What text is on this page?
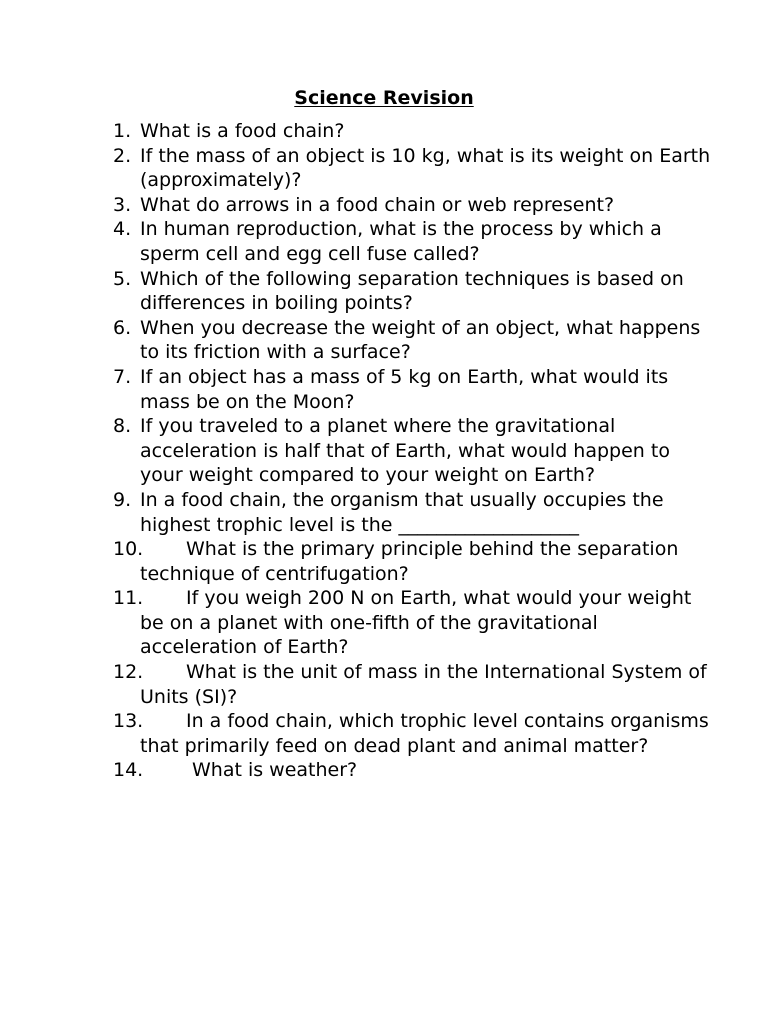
Science Revision
1. What is a food chain?
2. If the mass of an object is 10 kg, what is its weight on Earth (approximately)?
3. What do arrows in a food chain or web represent?
4. In human reproduction, what is the process by which a sperm cell and egg cell fuse called?
5. Which of the following separation techniques is based on differences in boiling points?
6. When you decrease the weight of an object, what happens to its friction with a surface?
7. If an object has a mass of 5 kg on Earth, what would its mass be on the Moon?
8. If you traveled to a planet where the gravitational acceleration is half that of Earth, what would happen to your weight compared to your weight on Earth?
9. In a food chain, the organism that usually occupies the highest trophic level is the ___________________
10.	What is the primary principle behind the separation technique of centrifugation?
11.	If you weigh 200 N on Earth, what would your weight be on a planet with one-fifth of the gravitational acceleration of Earth?
12.	What is the unit of mass in the International System of Units (SI)?
13.	In a food chain, which trophic level contains organisms that primarily feed on dead plant and animal matter?
14.	What is weather?
